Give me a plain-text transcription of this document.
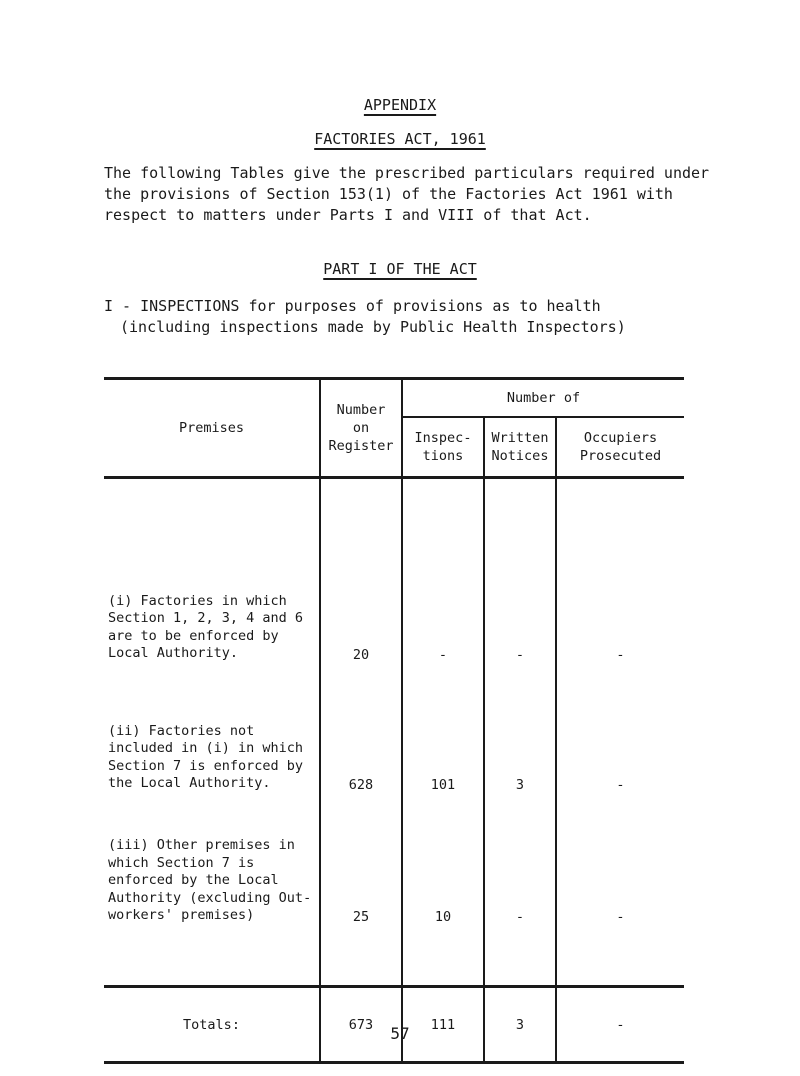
APPENDIX
FACTORIES ACT, 1961

The following Tables give the prescribed particulars required under the provisions of Section 153(1) of the Factories Act 1961 with respect to matters under Parts I and VIII of that Act.

PART I OF THE ACT

I - INSPECTIONS for purposes of provisions as to health
(including inspections made by Public Health Inspectors)

Premises	Number on Register	Number of		
		Inspec- tions	Written Notices	Occupiers Prosecuted
(i) Factories in which Section 1, 2, 3, 4 and 6 are to be enforced by Local Authority.	20	-	-	-
(ii) Factories not included in (i) in which Section 7 is enforced by the Local Authority.	628	101	3	-
(iii) Other premises in which Section 7 is enforced by the Local Authority (excluding Out-workers' premises)	25	10	-	-

Totals:	673	111	3	-
57
